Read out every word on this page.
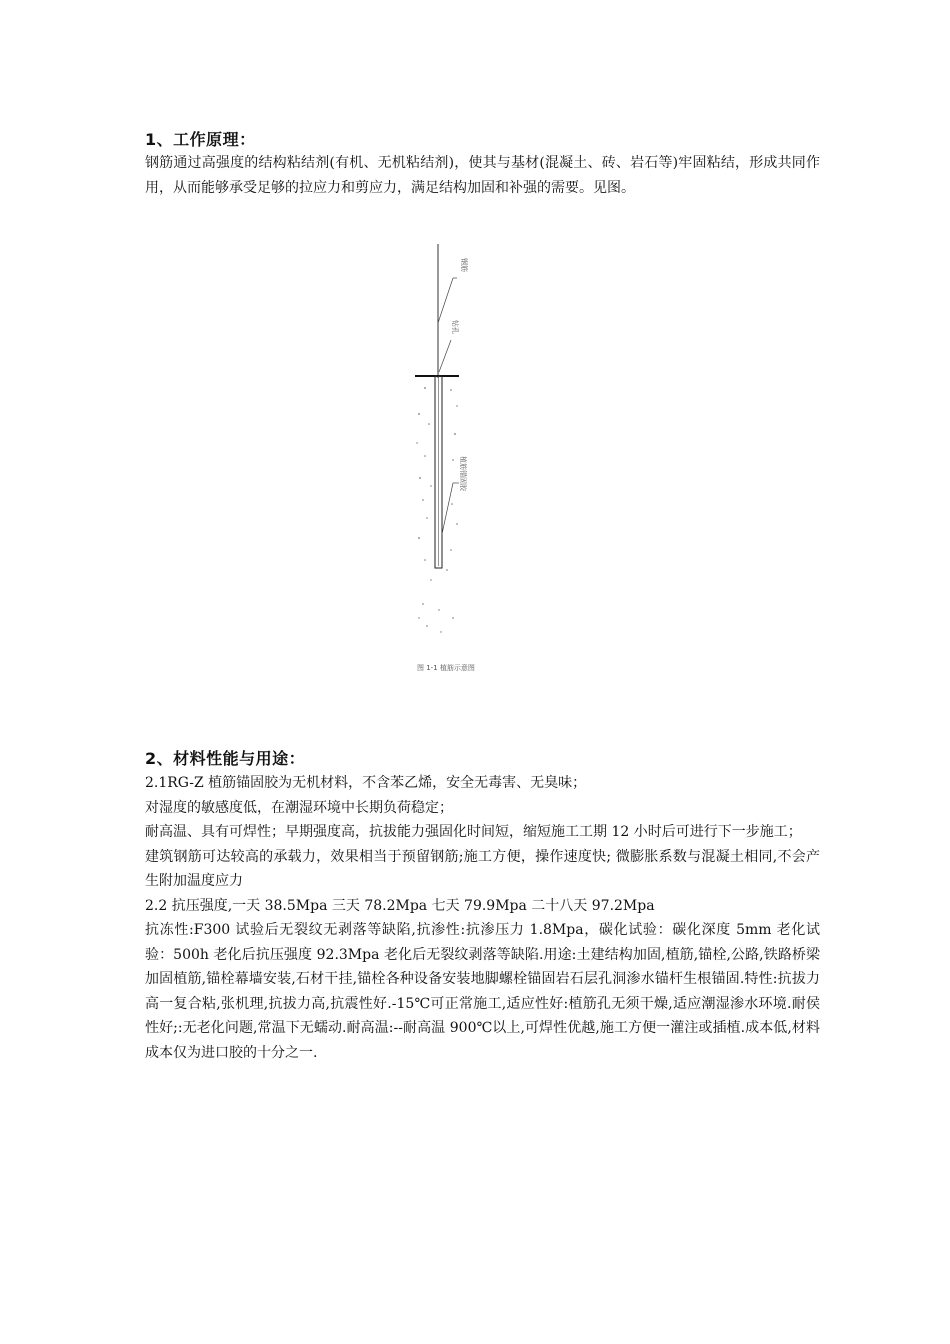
1、工作原理：

钢筋通过高强度的结构粘结剂(有机、无机粘结剂)，使其与基材(混凝土、砖、岩石等)牢固粘结，形成共同作用，从而能够承受足够的拉应力和剪应力，满足结构加固和补强的需要。见图。

钢筋
钻孔
植筋锚固胶
图 1-1 植筋示意图
2、材料性能与用途：

2.1RG-Z 植筋锚固胶为无机材料，不含苯乙烯，安全无毒害、无臭味；

对湿度的敏感度低，在潮湿环境中长期负荷稳定；

耐高温、具有可焊性；早期强度高，抗拔能力强固化时间短，缩短施工工期 12 小时后可进行下一步施工；

建筑钢筋可达较高的承载力，效果相当于预留钢筋;施工方便，操作速度快; 微膨胀系数与混凝土相同,不会产生附加温度应力

2.2 抗压强度,一天 38.5Mpa 三天 78.2Mpa 七天 79.9Mpa 二十八天 97.2Mpa

抗冻性:F300 试验后无裂纹无剥落等缺陷,抗渗性:抗渗压力 1.8Mpa，碳化试验：碳化深度 5mm 老化试验：500h 老化后抗压强度 92.3Mpa 老化后无裂纹剥落等缺陷.用途:土建结构加固,植筋,锚栓,公路,铁路桥梁加固植筋,锚栓幕墙安装,石材干挂,锚栓各种设备安装地脚螺栓锚固岩石层孔洞渗水锚杆生根锚固.特性:抗拔力高一复合粘,张机理,抗拔力高,抗震性好.-15℃可正常施工,适应性好:植筋孔无须干燥,适应潮湿渗水环境.耐侯性好;:无老化问题,常温下无蠕动.耐高温:--耐高温 900℃以上,可焊性优越,施工方便一灌注或插植.成本低,材料成本仅为进口胶的十分之一.
